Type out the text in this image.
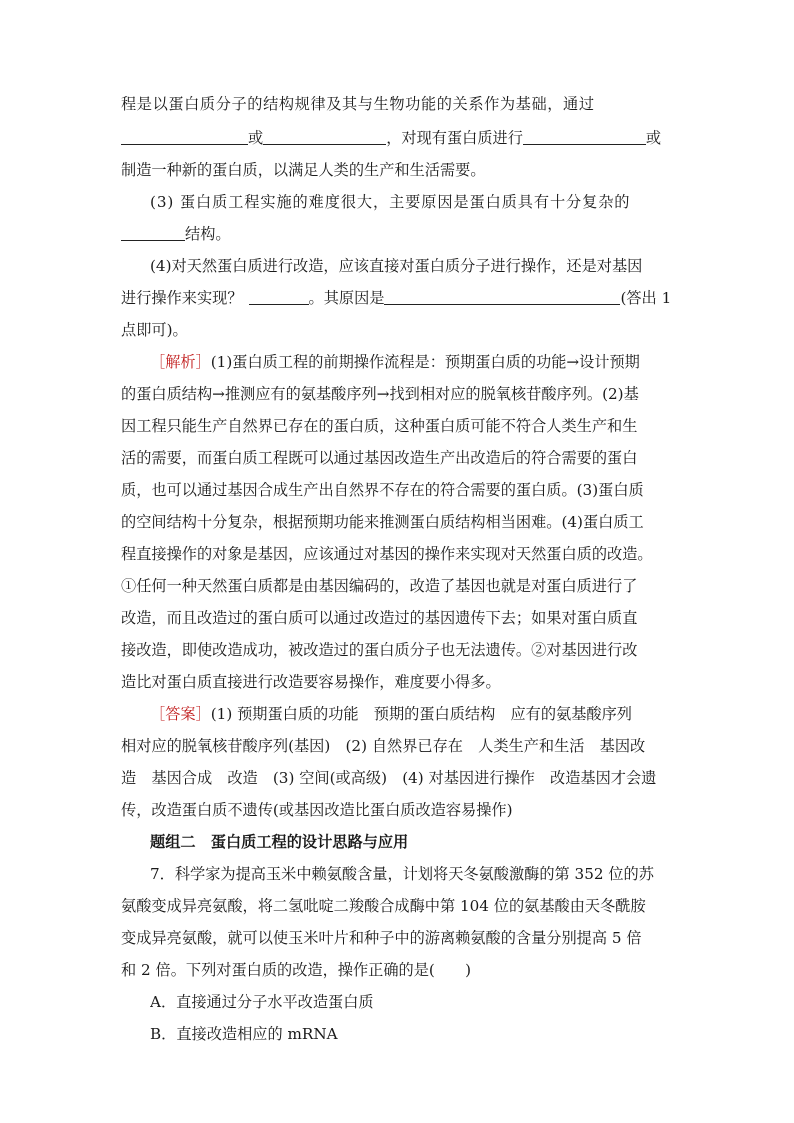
程是以蛋白质分子的结构规律及其与生物功能的关系作为基础，通过
或	，对现有蛋白质进行	或
制造一种新的蛋白质，以满足人类的生产和生活需要。
(3) 蛋白质工程实施的难度很大，主要原因是蛋白质具有十分复杂的
结构。
(4)对天然蛋白质进行改造，应该直接对蛋白质分子进行操作，还是对基因
进行操作来实现？	。其原因是	(答出 1
点即可)。
［解析］(1)蛋白质工程的前期操作流程是：预期蛋白质的功能→设计预期
的蛋白质结构→推测应有的氨基酸序列→找到相对应的脱氧核苷酸序列。(2)基
因工程只能生产自然界已存在的蛋白质，这种蛋白质可能不符合人类生产和生
活的需要，而蛋白质工程既可以通过基因改造生产出改造后的符合需要的蛋白
质，也可以通过基因合成生产出自然界不存在的符合需要的蛋白质。(3)蛋白质
的空间结构十分复杂，根据预期功能来推测蛋白质结构相当困难。(4)蛋白质工
程直接操作的对象是基因，应该通过对基因的操作来实现对天然蛋白质的改造。
①任何一种天然蛋白质都是由基因编码的，改造了基因也就是对蛋白质进行了
改造，而且改造过的蛋白质可以通过改造过的基因遗传下去；如果对蛋白质直
接改造，即使改造成功，被改造过的蛋白质分子也无法遗传。②对基因进行改
造比对蛋白质直接进行改造要容易操作，难度要小得多。
［答案］(1) 预期蛋白质的功能　预期的蛋白质结构　应有的氨基酸序列
相对应的脱氧核苷酸序列(基因)　(2) 自然界已存在　人类生产和生活　基因改
造　基因合成　改造　(3) 空间(或高级)　(4) 对基因进行操作　改造基因才会遗
传，改造蛋白质不遗传(或基因改造比蛋白质改造容易操作)
题组二　蛋白质工程的设计思路与应用
7．科学家为提高玉米中赖氨酸含量，计划将天冬氨酸激酶的第 352 位的苏
氨酸变成异亮氨酸，将二氢吡啶二羧酸合成酶中第 104 位的氨基酸由天冬酰胺
变成异亮氨酸，就可以使玉米叶片和种子中的游离赖氨酸的含量分别提高 5 倍
和 2 倍。下列对蛋白质的改造，操作正确的是(　　)
A．直接通过分子水平改造蛋白质
B．直接改造相应的 mRNA
